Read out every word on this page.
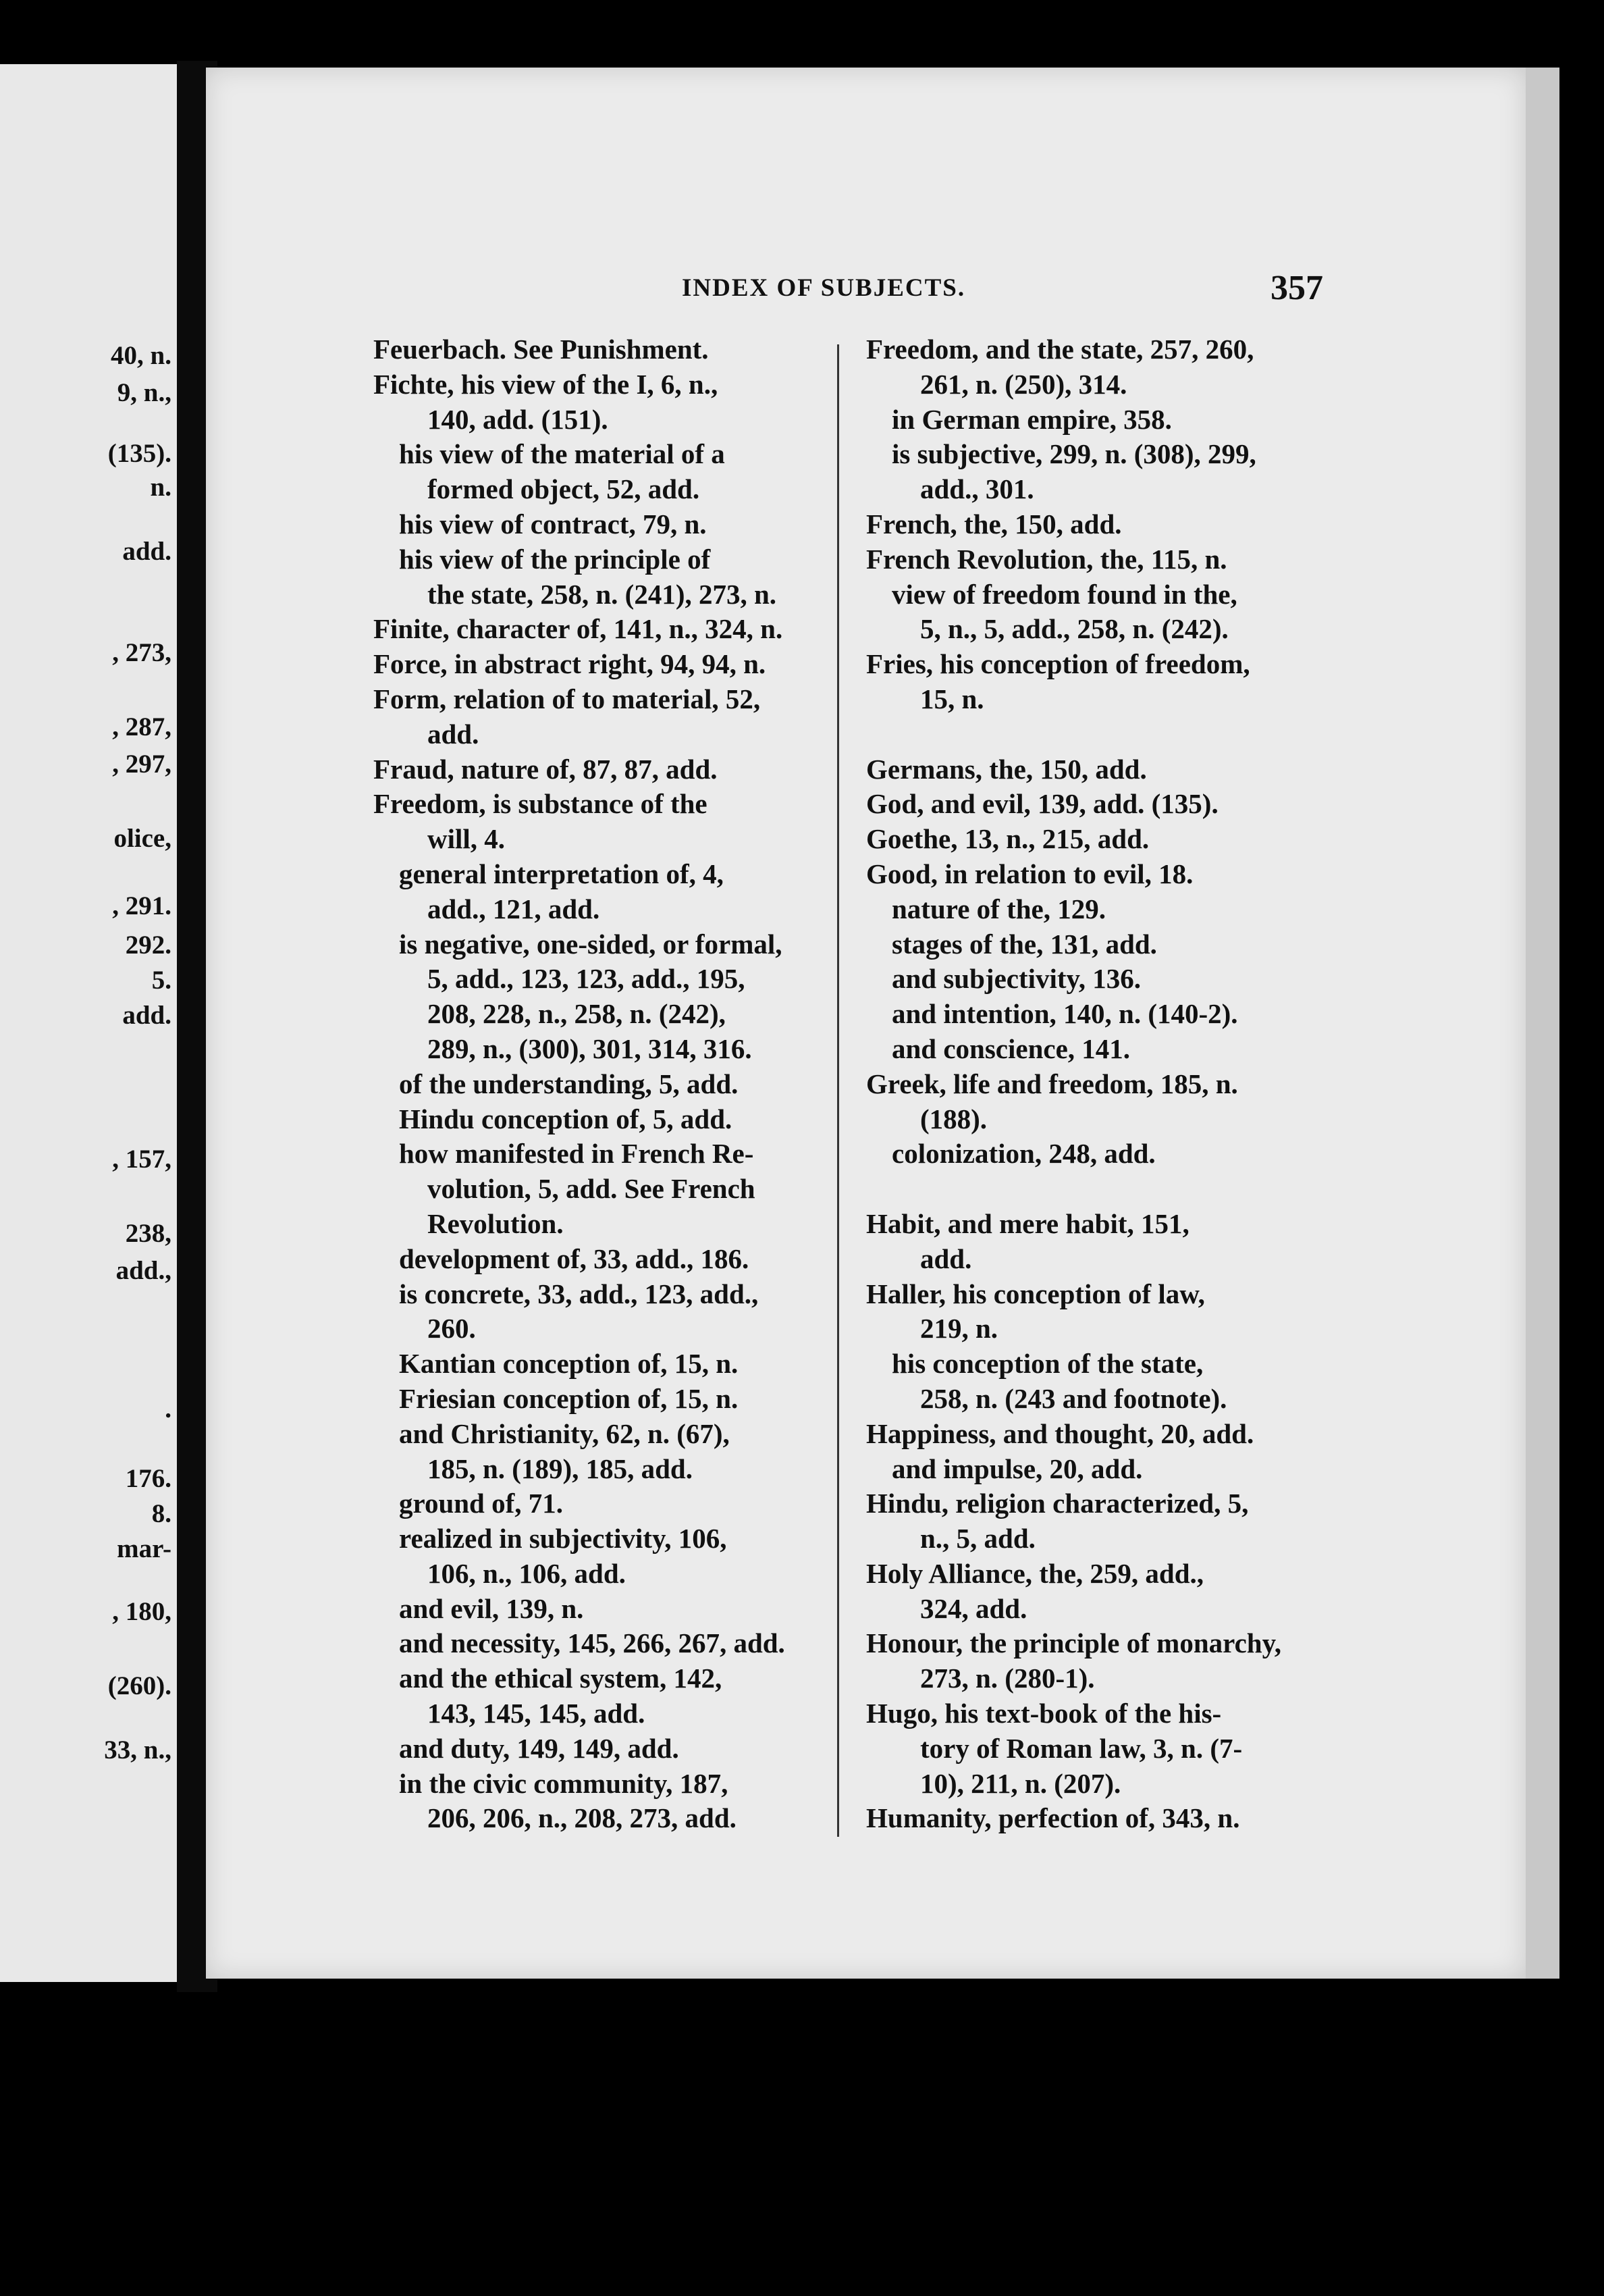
40, n.
9, n.,
(135).
n.
add.
, 273,
, 287,
, 297,
olice,
, 291.
292.
5.
add.
, 157,
238,
add.,
.
176.
8.
mar-
, 180,
(260).
33, n.,
INDEX OF SUBJECTS.	357
Feuerbach. See Punishment.
Fichte, his view of the I, 6, n.,
140, add. (151).
his view of the material of a
formed object, 52, add.
his view of contract, 79, n.
his view of the principle of
the state, 258, n. (241), 273, n.
Finite, character of, 141, n., 324, n.
Force, in abstract right, 94, 94, n.
Form, relation of to material, 52,
add.
Fraud, nature of, 87, 87, add.
Freedom, is substance of the
will, 4.
general interpretation of, 4,
add., 121, add.
is negative, one-sided, or formal,
5, add., 123, 123, add., 195,
208, 228, n., 258, n. (242),
289, n., (300), 301, 314, 316.
of the understanding, 5, add.
Hindu conception of, 5, add.
how manifested in French Re-
volution, 5, add. See French
Revolution.
development of, 33, add., 186.
is concrete, 33, add., 123, add.,
260.
Kantian conception of, 15, n.
Friesian conception of, 15, n.
and Christianity, 62, n. (67),
185, n. (189), 185, add.
ground of, 71.
realized in subjectivity, 106,
106, n., 106, add.
and evil, 139, n.
and necessity, 145, 266, 267, add.
and the ethical system, 142,
143, 145, 145, add.
and duty, 149, 149, add.
in the civic community, 187,
206, 206, n., 208, 273, add.
Freedom, and the state, 257, 260,
261, n. (250), 314.
in German empire, 358.
is subjective, 299, n. (308), 299,
add., 301.
French, the, 150, add.
French Revolution, the, 115, n.
view of freedom found in the,
5, n., 5, add., 258, n. (242).
Fries, his conception of freedom,
15, n.
Germans, the, 150, add.
God, and evil, 139, add. (135).
Goethe, 13, n., 215, add.
Good, in relation to evil, 18.
nature of the, 129.
stages of the, 131, add.
and subjectivity, 136.
and intention, 140, n. (140-2).
and conscience, 141.
Greek, life and freedom, 185, n.
(188).
colonization, 248, add.
Habit, and mere habit, 151,
add.
Haller, his conception of law,
219, n.
his conception of the state,
258, n. (243 and footnote).
Happiness, and thought, 20, add.
and impulse, 20, add.
Hindu, religion characterized, 5,
n., 5, add.
Holy Alliance, the, 259, add.,
324, add.
Honour, the principle of monarchy,
273, n. (280-1).
Hugo, his text-book of the his-
tory of Roman law, 3, n. (7-
10), 211, n. (207).
Humanity, perfection of, 343, n.
